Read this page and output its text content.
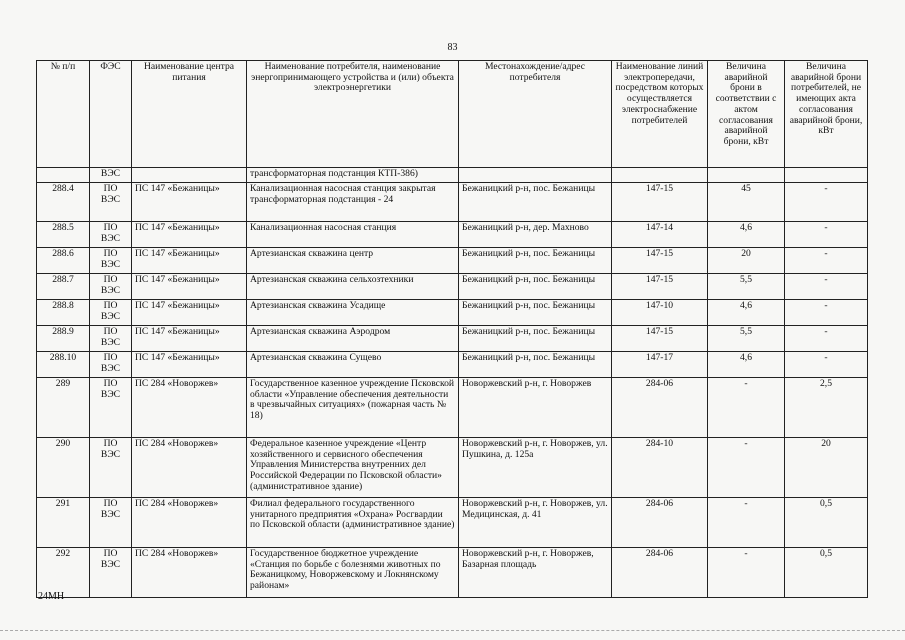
83
№ п/п	ФЭС	Наименование центра питания	Наименование потребителя, наименование энергопринимающего устройства и (или) объекта электроэнергетики	Местонахождение/адрес потребителя	Наименование линий электропередачи, посредством которых осуществляется электроснабжение потребителей	Величина аварийной брони в соответствии с актом согласования аварийной брони, кВт	Величина аварийной брони потребителей, не имеющих акта согласования аварийной брони, кВт
	ВЭС		трансформаторная подстанция КТП-386)				
288.4	ПО ВЭС	ПС 147 «Бежаницы»	Канализационная насосная станция закрытая трансформаторная подстанция - 24	Бежаницкий р-н, пос. Бежаницы	147-15	45	-
288.5	ПО ВЭС	ПС 147 «Бежаницы»	Канализационная насосная станция	Бежаницкий р-н, дер. Махново	147-14	4,6	-
288.6	ПО ВЭС	ПС 147 «Бежаницы»	Артезианская скважина центр	Бежаницкий р-н, пос. Бежаницы	147-15	20	-
288.7	ПО ВЭС	ПС 147 «Бежаницы»	Артезианская скважина сельхозтехники	Бежаницкий р-н, пос. Бежаницы	147-15	5,5	-
288.8	ПО ВЭС	ПС 147 «Бежаницы»	Артезианская скважина Усадище	Бежаницкий р-н, пос. Бежаницы	147-10	4,6	-
288.9	ПО ВЭС	ПС 147 «Бежаницы»	Артезианская скважина Аэродром	Бежаницкий р-н, пос. Бежаницы	147-15	5,5	-
288.10	ПО ВЭС	ПС 147 «Бежаницы»	Артезианская скважина Сущево	Бежаницкий р-н, пос. Бежаницы	147-17	4,6	-
289	ПО ВЭС	ПС 284 «Новоржев»	Государственное казенное учреждение Псковской области «Управление обеспечения деятельности в чрезвычайных ситуациях» (пожарная часть № 18)	Новоржевский р-н, г. Новоржев	284-06	-	2,5
290	ПО ВЭС	ПС 284 «Новоржев»	Федеральное казенное учреждение «Центр хозяйственного и сервисного обеспечения Управления Министерства внутренних дел Российской Федерации по Псковской области» (административное здание)	Новоржевский р-н, г. Новоржев, ул. Пушкина, д. 125а	284-10	-	20
291	ПО ВЭС	ПС 284 «Новоржев»	Филиал федерального государственного унитарного предприятия «Охрана» Росгвардии по Псковской области (административное здание)	Новоржевский р-н, г. Новоржев, ул. Медицинская, д. 41	284-06	-	0,5
292	ПО ВЭС	ПС 284 «Новоржев»	Государственное бюджетное учреждение «Станция по борьбе с болезнями животных по Бежаницкому, Новоржевскому и Локнянскому районам»	Новоржевский р-н, г. Новоржев, Базарная площадь	284-06	-	0,5
24МН
